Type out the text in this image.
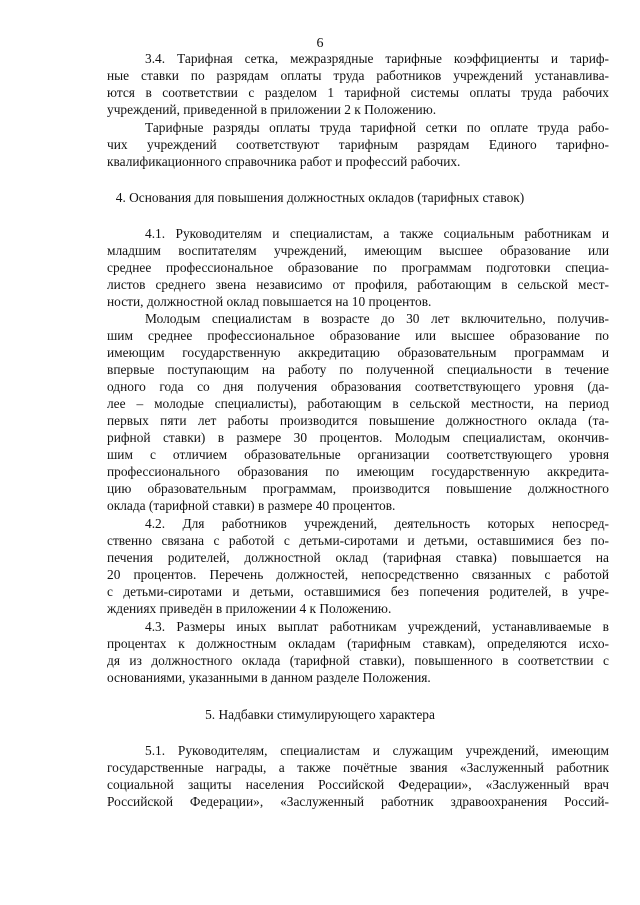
6
3.4. Тарифная сетка, межразрядные тарифные коэффициенты и тариф-
ные ставки по разрядам оплаты труда работников учреждений устанавлива-
ются в соответствии с разделом 1 тарифной системы оплаты труда рабочих
учреждений, приведенной в приложении 2 к Положению.
Тарифные разряды оплаты труда тарифной сетки по оплате труда рабо-
чих учреждений соответствуют тарифным разрядам Единого тарифно-
квалификационного справочника работ и профессий рабочих.
4. Основания для повышения должностных окладов (тарифных ставок)
4.1. Руководителям и специалистам, а также социальным работникам и
младшим воспитателям учреждений, имеющим высшее образование или
среднее профессиональное образование по программам подготовки специа-
листов среднего звена независимо от профиля, работающим в сельской мест-
ности, должностной оклад повышается на 10 процентов.
Молодым специалистам в возрасте до 30 лет включительно, получив-
шим среднее профессиональное образование или высшее образование по
имеющим государственную аккредитацию образовательным программам и
впервые поступающим на работу по полученной специальности в течение
одного года со дня получения образования соответствующего уровня (да-
лее – молодые специалисты), работающим в сельской местности, на период
первых пяти лет работы производится повышение должностного оклада (та-
рифной ставки) в размере 30 процентов. Молодым специалистам, окончив-
шим с отличием образовательные организации соответствующего уровня
профессионального образования по имеющим государственную аккредита-
цию образовательным программам, производится повышение должностного
оклада (тарифной ставки) в размере 40 процентов.
4.2. Для работников учреждений, деятельность которых непосред-
ственно связана с работой с детьми-сиротами и детьми, оставшимися без по-
печения родителей, должностной оклад (тарифная ставка) повышается на
20 процентов. Перечень должностей, непосредственно связанных с работой
с детьми-сиротами и детьми, оставшимися без попечения родителей, в учре-
ждениях приведён в приложении 4 к Положению.
4.3. Размеры иных выплат работникам учреждений, устанавливаемые в
процентах к должностным окладам (тарифным ставкам), определяются исхо-
дя из должностного оклада (тарифной ставки), повышенного в соответствии с
основаниями, указанными в данном разделе Положения.
5. Надбавки стимулирующего характера
5.1. Руководителям, специалистам и служащим учреждений, имеющим
государственные награды, а также почётные звания «Заслуженный работник
социальной защиты населения Российской Федерации», «Заслуженный врач
Российской Федерации», «Заслуженный работник здравоохранения Россий-
